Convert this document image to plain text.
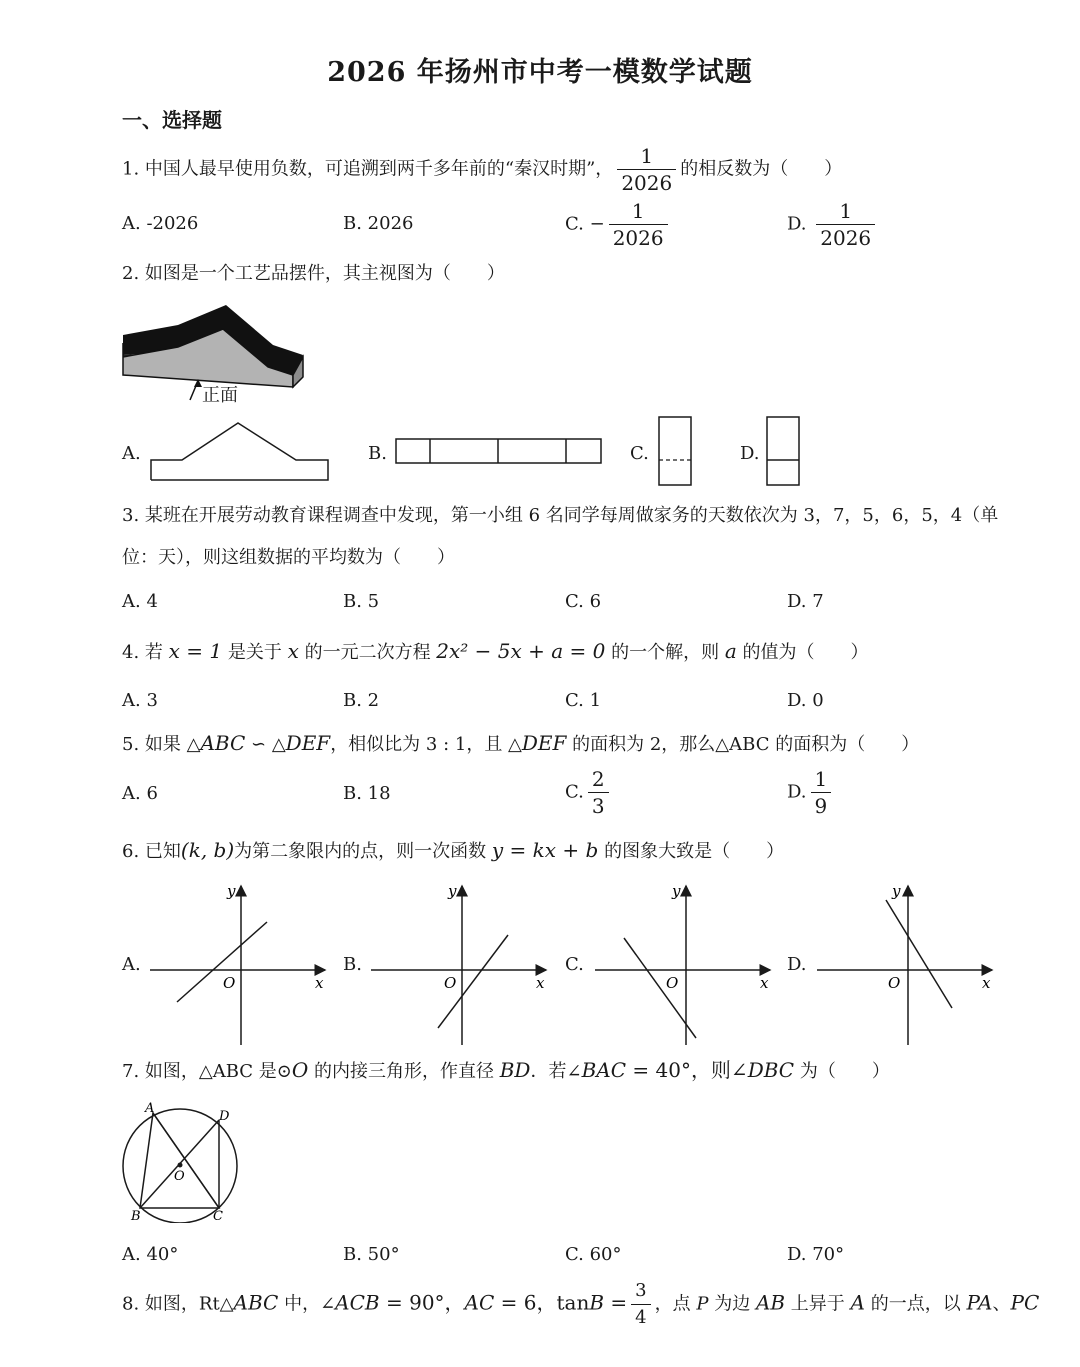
2026 年扬州市中考一模数学试题
一、选择题
1. 中国人最早使用负数，可追溯到两千多年前的“秦汉时期”， $\frac{1}{2026}$ 的相反数为（　　）
A. -2026	B. 2026	C. − $\frac{1}{2026}$	D. $\frac{1}{2026}$
2. 如图是一个工艺品摆件，其主视图为（　　）
正面
A.	B.	C.	D.
3. 某班在开展劳动教育课程调查中发现，第一小组 6 名同学每周做家务的天数依次为 3，7，5，6，5，4（单
位：天），则这组数据的平均数为（　　）
A. 4	B. 5	C. 6	D. 7
4. 若 x = 1 是关于 x 的一元二次方程 2x² − 5x + a = 0 的一个解，则 a 的值为（　　）
A. 3	B. 2	C. 1	D. 0
5. 如果 △ABC ∽ △DEF，相似比为 3 : 1，且 △DEF 的面积为 2，那么△ABC 的面积为（　　）
A. 6	B. 18	C. $\frac{2}{3}$	D. $\frac{1}{9}$
6. 已知(k, b)为第二象限内的点，则一次函数 y = kx + b 的图象大致是（　　）
A.	B.	C.	D.
y
x
O
y
x
O
y
x
O
y
x
O
7. 如图，△ABC 是⊙O 的内接三角形，作直径 BD．若∠BAC = 40°，则∠DBC 为（　　）
A
B	C
D
O
A. 40°	B. 50°	C. 60°	D. 70°
8. 如图，Rt△ABC 中，∠ACB = 90°，AC = 6，$\tan B = \frac{3}{4}$ ，点 P 为边 AB 上异于 A 的一点，以 PA、PC
